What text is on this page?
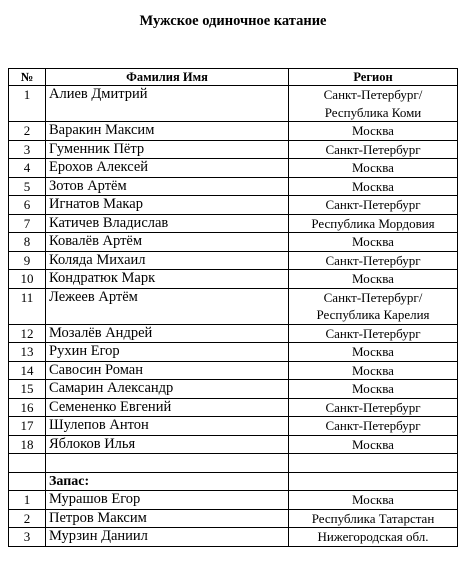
Мужское одиночное катание
№	Фамилия Имя	Регион
1	Алиев Дмитрий	Санкт-Петербург/
Республика Коми

2	Варакин Максим	Москва

3	Гуменник Пётр	Санкт-Петербург

4	Ерохов Алексей	Москва

5	Зотов Артём	Москва

6	Игнатов Макар	Санкт-Петербург

7	Катичев Владислав	Республика Мордовия

8	Ковалёв Артём	Москва

9	Коляда Михаил	Санкт-Петербург

10	Кондратюк Марк	Москва

11	Лежеев Артём	Санкт-Петербург/
Республика Карелия

12	Мозалёв Андрей	Санкт-Петербург

13	Рухин Егор	Москва

14	Савосин Роман	Москва

15	Самарин Александр	Москва

16	Семененко Евгений	Санкт-Петербург

17	Шулепов Антон	Санкт-Петербург

18	Яблоков Илья	Москва

	Запас:	
1	Мурашов Егор	Москва

2	Петров Максим	Республика Татарстан

3	Мурзин Даниил	Нижегородская обл.
